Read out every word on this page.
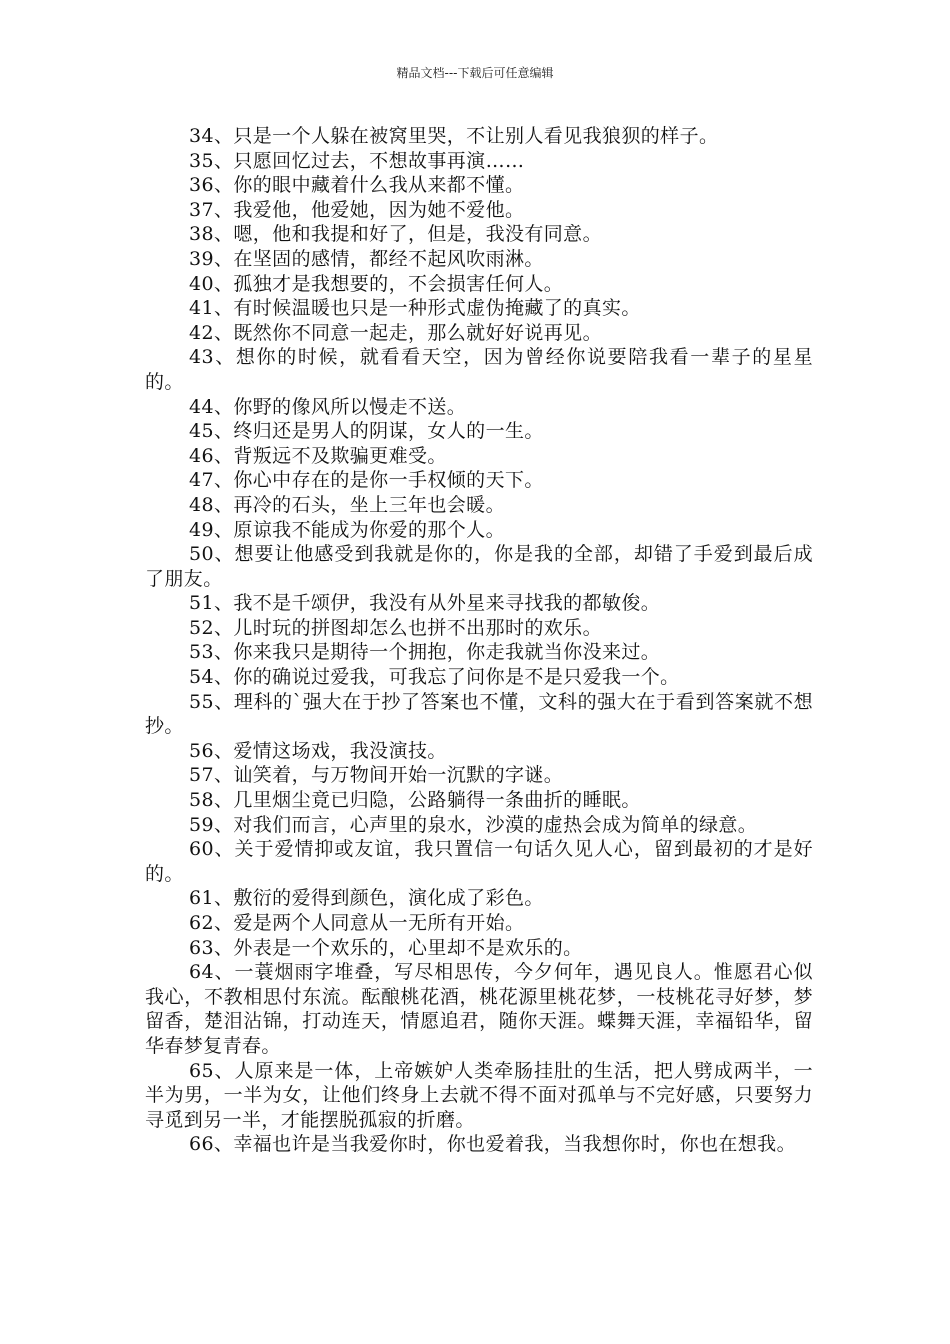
精品文档---下载后可任意编辑

34、只是一个人躲在被窝里哭，不让别人看见我狼狈的样子。

35、只愿回忆过去，不想故事再演……

36、你的眼中藏着什么我从来都不懂。

37、我爱他，他爱她，因为她不爱他。

38、嗯，他和我提和好了，但是，我没有同意。

39、在坚固的感情，都经不起风吹雨淋。

40、孤独才是我想要的，不会损害任何人。

41、有时候温暖也只是一种形式虚伪掩藏了的真实。

42、既然你不同意一起走，那么就好好说再见。

43、想你的时候，就看看天空，因为曾经你说要陪我看一辈子的星星的。

44、你野的像风所以慢走不送。

45、终归还是男人的阴谋，女人的一生。

46、背叛远不及欺骗更难受。

47、你心中存在的是你一手权倾的天下。

48、再冷的石头，坐上三年也会暖。

49、原谅我不能成为你爱的那个人。

50、想要让他感受到我就是你的，你是我的全部，却错了手爱到最后成了朋友。

51、我不是千颂伊，我没有从外星来寻找我的都敏俊。

52、儿时玩的拼图却怎么也拼不出那时的欢乐。

53、你来我只是期待一个拥抱，你走我就当你没来过。

54、你的确说过爱我，可我忘了问你是不是只爱我一个。

55、理科的`强大在于抄了答案也不懂，文科的强大在于看到答案就不想抄。

56、爱情这场戏，我没演技。

57、讪笑着，与万物间开始一沉默的字谜。

58、几里烟尘竟已归隐，公路躺得一条曲折的睡眠。

59、对我们而言，心声里的泉水，沙漠的虚热会成为简单的绿意。

60、关于爱情抑或友谊，我只置信一句话久见人心，留到最初的才是好的。

61、敷衍的爱得到颜色，演化成了彩色。

62、爱是两个人同意从一无所有开始。

63、外表是一个欢乐的，心里却不是欢乐的。

64、一蓑烟雨字堆叠，写尽相思传，今夕何年，遇见良人。惟愿君心似我心，不教相思付东流。酝酿桃花酒，桃花源里桃花梦，一枝桃花寻好梦，梦留香，楚泪沾锦，打动连天，情愿追君，随你天涯。蝶舞天涯，幸福铅华，留华春梦复青春。

65、人原来是一体，上帝嫉妒人类牵肠挂肚的生活，把人劈成两半，一半为男，一半为女，让他们终身上去就不得不面对孤单与不完好感，只要努力寻觅到另一半，才能摆脱孤寂的折磨。

66、幸福也许是当我爱你时，你也爱着我，当我想你时，你也在想我。
